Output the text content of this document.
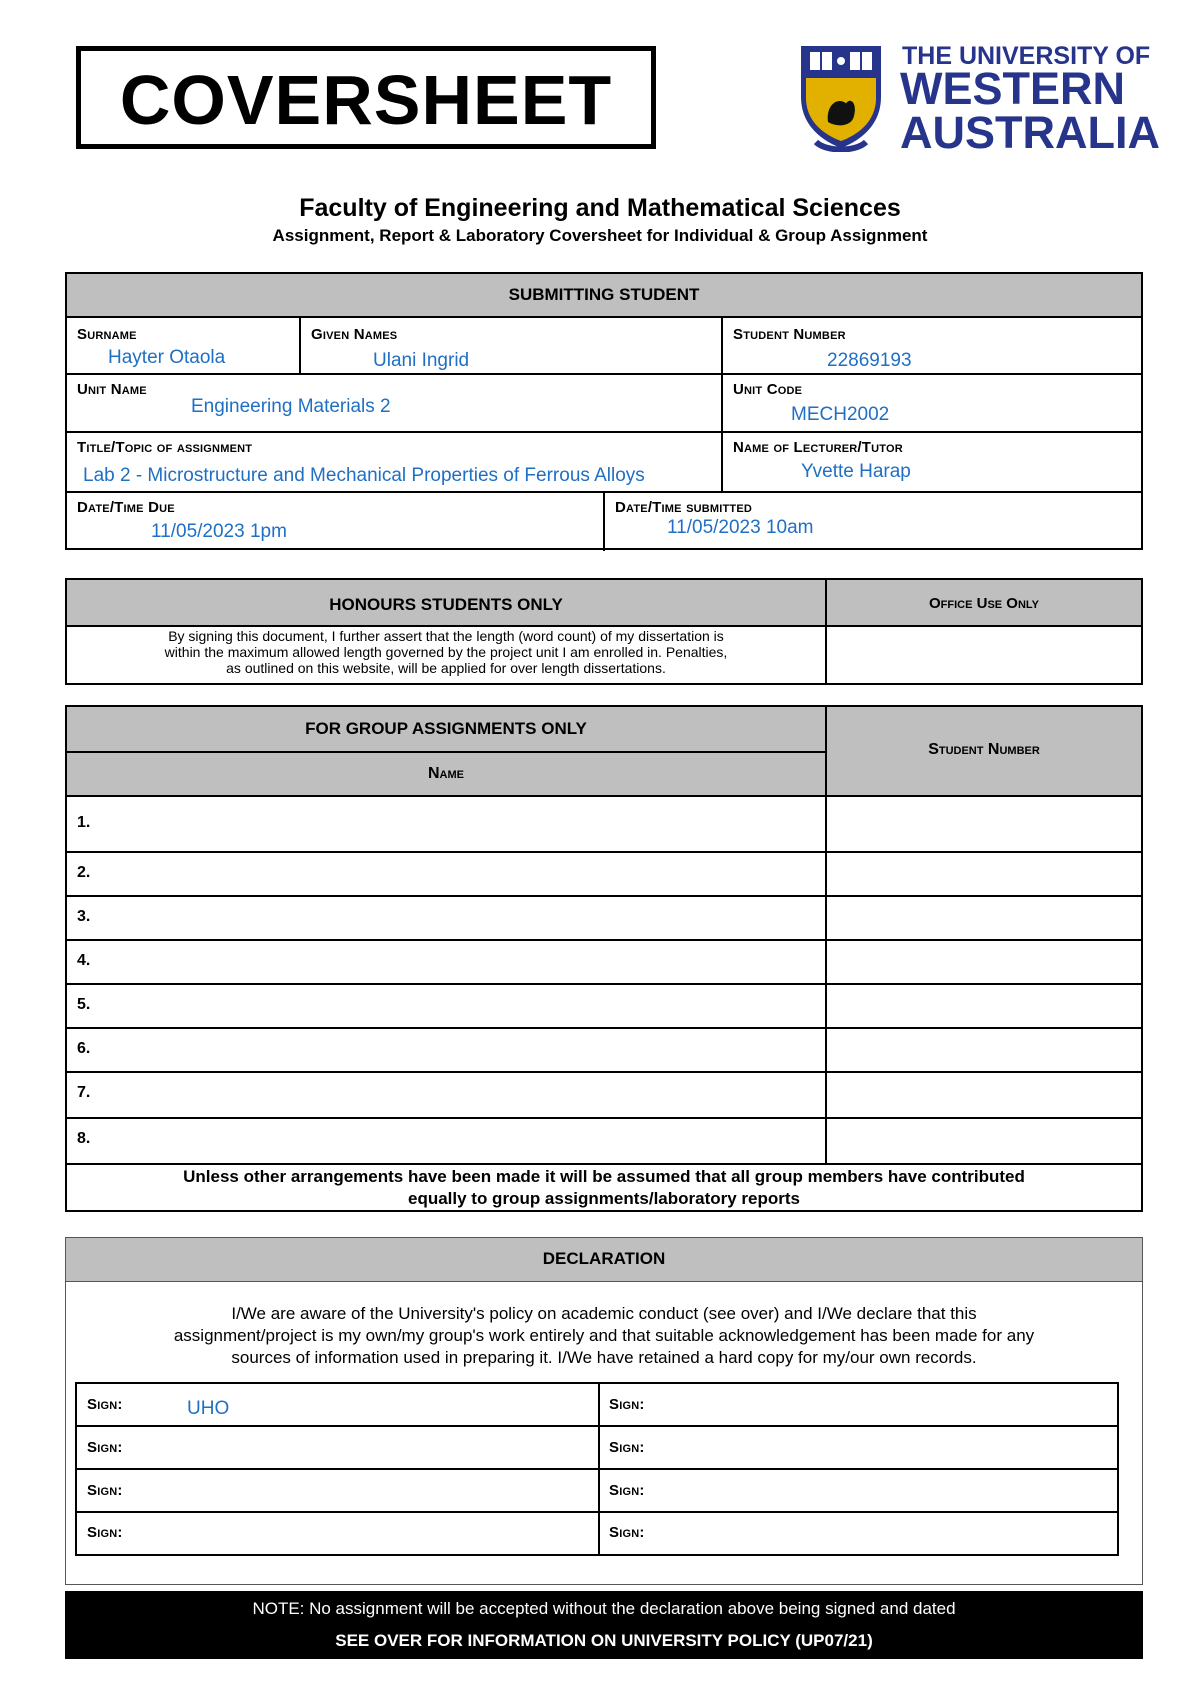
COVERSHEET
THE UNIVERSITY OF
WESTERN
AUSTRALIA
Faculty of Engineering and Mathematical Sciences
Assignment, Report & Laboratory Coversheet for Individual & Group Assignment
SUBMITTING STUDENT
Surname
Hayter Otaola
Given Names
Ulani Ingrid
Student Number
22869193
Unit Name
Engineering Materials 2
Unit Code
MECH2002
Title/Topic of assignment
Lab 2 - Microstructure and Mechanical Properties of Ferrous Alloys
Name of Lecturer/Tutor
Yvette Harap
Date/Time Due
11/05/2023 1pm
Date/Time submitted
11/05/2023 10am
HONOURS STUDENTS ONLY	Office Use Only
By signing this document, I further assert that the length (word count) of my dissertation is
within the maximum allowed length governed by the project unit I am enrolled in. Penalties,
as outlined on this website, will be applied for over length dissertations.
FOR GROUP ASSIGNMENTS ONLY
Name
Student Number
1.
2.
3.
4.
5.
6.
7.
8.
Unless other arrangements have been made it will be assumed that all group members have contributed
equally to group assignments/laboratory reports
DECLARATION
I/We are aware of the University's policy on academic conduct (see over) and I/We declare that this
assignment/project is my own/my group's work entirely and that suitable acknowledgement has been made for any
sources of information used in preparing it. I/We have retained a hard copy for my/our own records.
Sign:	UHO	Sign:
Sign:	Sign:
Sign:	Sign:
Sign:	Sign:
NOTE: No assignment will be accepted without the declaration above being signed and dated
SEE OVER FOR INFORMATION ON UNIVERSITY POLICY (UP07/21)
